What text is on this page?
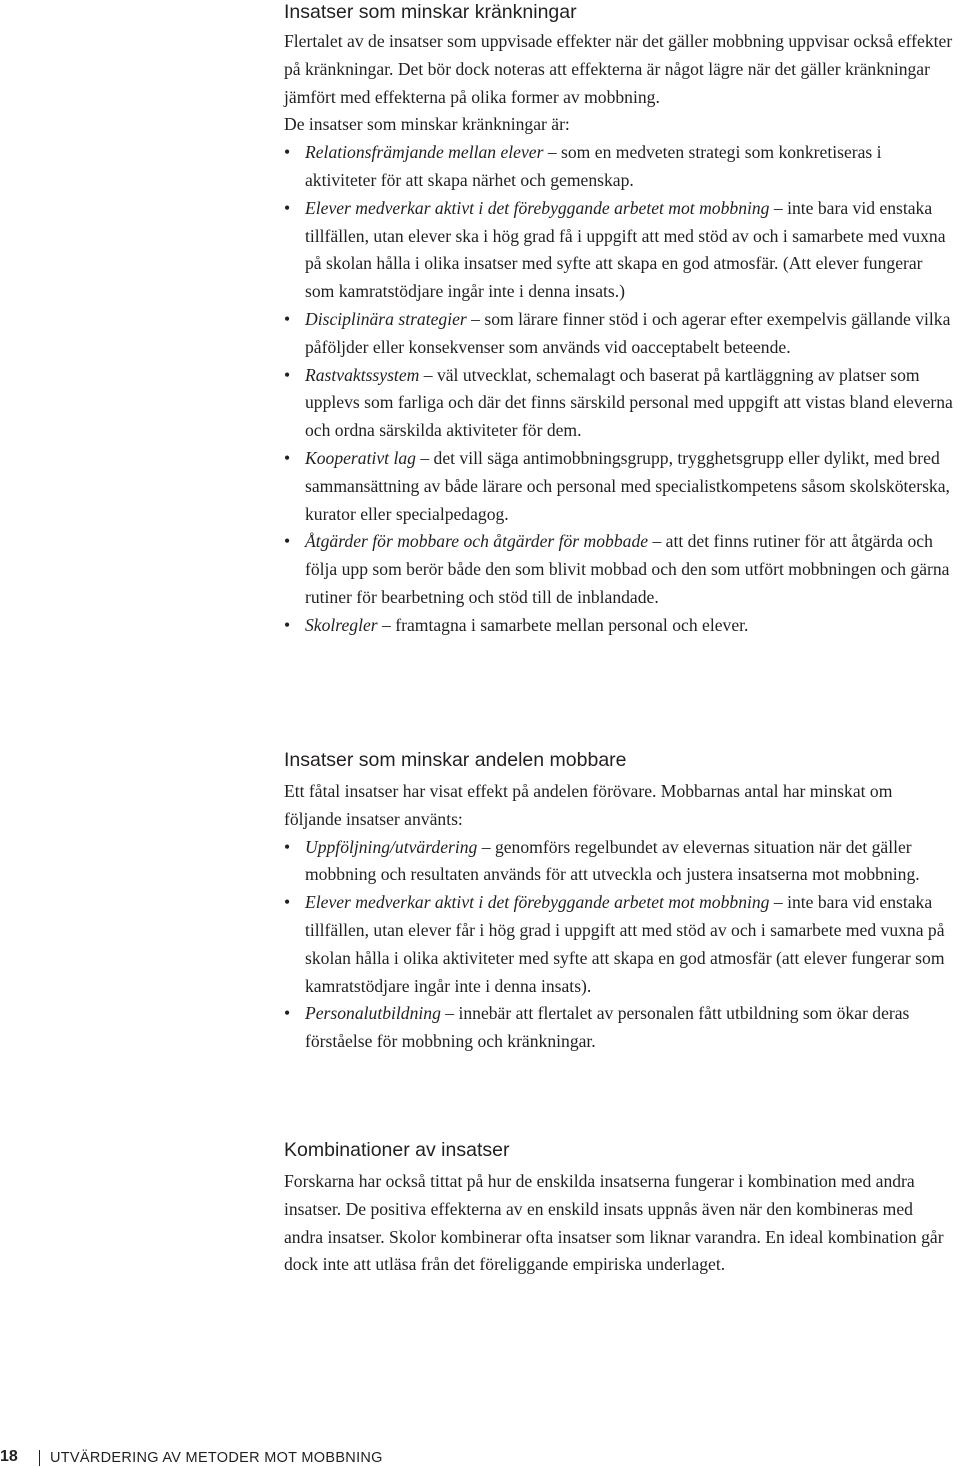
Insatser som minskar kränkningar

Flertalet av de insatser som uppvisade effekter när det gäller mobbning uppvisar också effekter på kränkningar. Det bör dock noteras att effekterna är något lägre när det gäller kränkningar jämfört med effekterna på olika former av mobbning.

De insatser som minskar kränkningar är:

• Relationsfrämjande mellan elever – som en medveten strategi som konkretiseras i aktiviteter för att skapa närhet och gemenskap.
• Elever medverkar aktivt i det förebyggande arbetet mot mobbning – inte bara vid enstaka tillfällen, utan elever ska i hög grad få i uppgift att med stöd av och i samarbete med vuxna på skolan hålla i olika insatser med syfte att skapa en god atmosfär. (Att elever fungerar som kamratstödjare ingår inte i denna insats.)
• Disciplinära strategier – som lärare finner stöd i och agerar efter exempelvis gällande vilka påföljder eller konsekvenser som används vid oacceptabelt beteende.
• Rastvaktssystem – väl utvecklat, schemalagt och baserat på kartläggning av platser som upplevs som farliga och där det finns särskild personal med uppgift att vistas bland eleverna och ordna särskilda aktiviteter för dem.
• Kooperativt lag – det vill säga antimobbningsgrupp, trygghetsgrupp eller dylikt, med bred sammansättning av både lärare och personal med specialistkompetens såsom skolsköterska, kurator eller specialpedagog.
• Åtgärder för mobbare och åtgärder för mobbade – att det finns rutiner för att åtgärda och följa upp som berör både den som blivit mobbad och den som utfört mobbningen och gärna rutiner för bearbetning och stöd till de inblandade.
• Skolregler – framtagna i samarbete mellan personal och elever.
Insatser som minskar andelen mobbare

Ett fåtal insatser har visat effekt på andelen förövare. Mobbarnas antal har minskat om följande insatser använts:

• Uppföljning/utvärdering – genomförs regelbundet av elevernas situation när det gäller mobbning och resultaten används för att utveckla och justera insatserna mot mobbning.
• Elever medverkar aktivt i det förebyggande arbetet mot mobbning – inte bara vid enstaka tillfällen, utan elever får i hög grad i uppgift att med stöd av och i samarbete med vuxna på skolan hålla i olika aktiviteter med syfte att skapa en god atmosfär (att elever fungerar som kamratstödjare ingår inte i denna insats).
• Personalutbildning – innebär att flertalet av personalen fått utbildning som ökar deras förståelse för mobbning och kränkningar.
Kombinationer av insatser

Forskarna har också tittat på hur de enskilda insatserna fungerar i kombination med andra insatser. De positiva effekterna av en enskild insats uppnås även när den kombineras med andra insatser. Skolor kombinerar ofta insatser som liknar varandra. En ideal kombination går dock inte att utläsa från det föreliggande empiriska underlaget.

18 UTVÄRDERING AV METODER MOT MOBBNING
